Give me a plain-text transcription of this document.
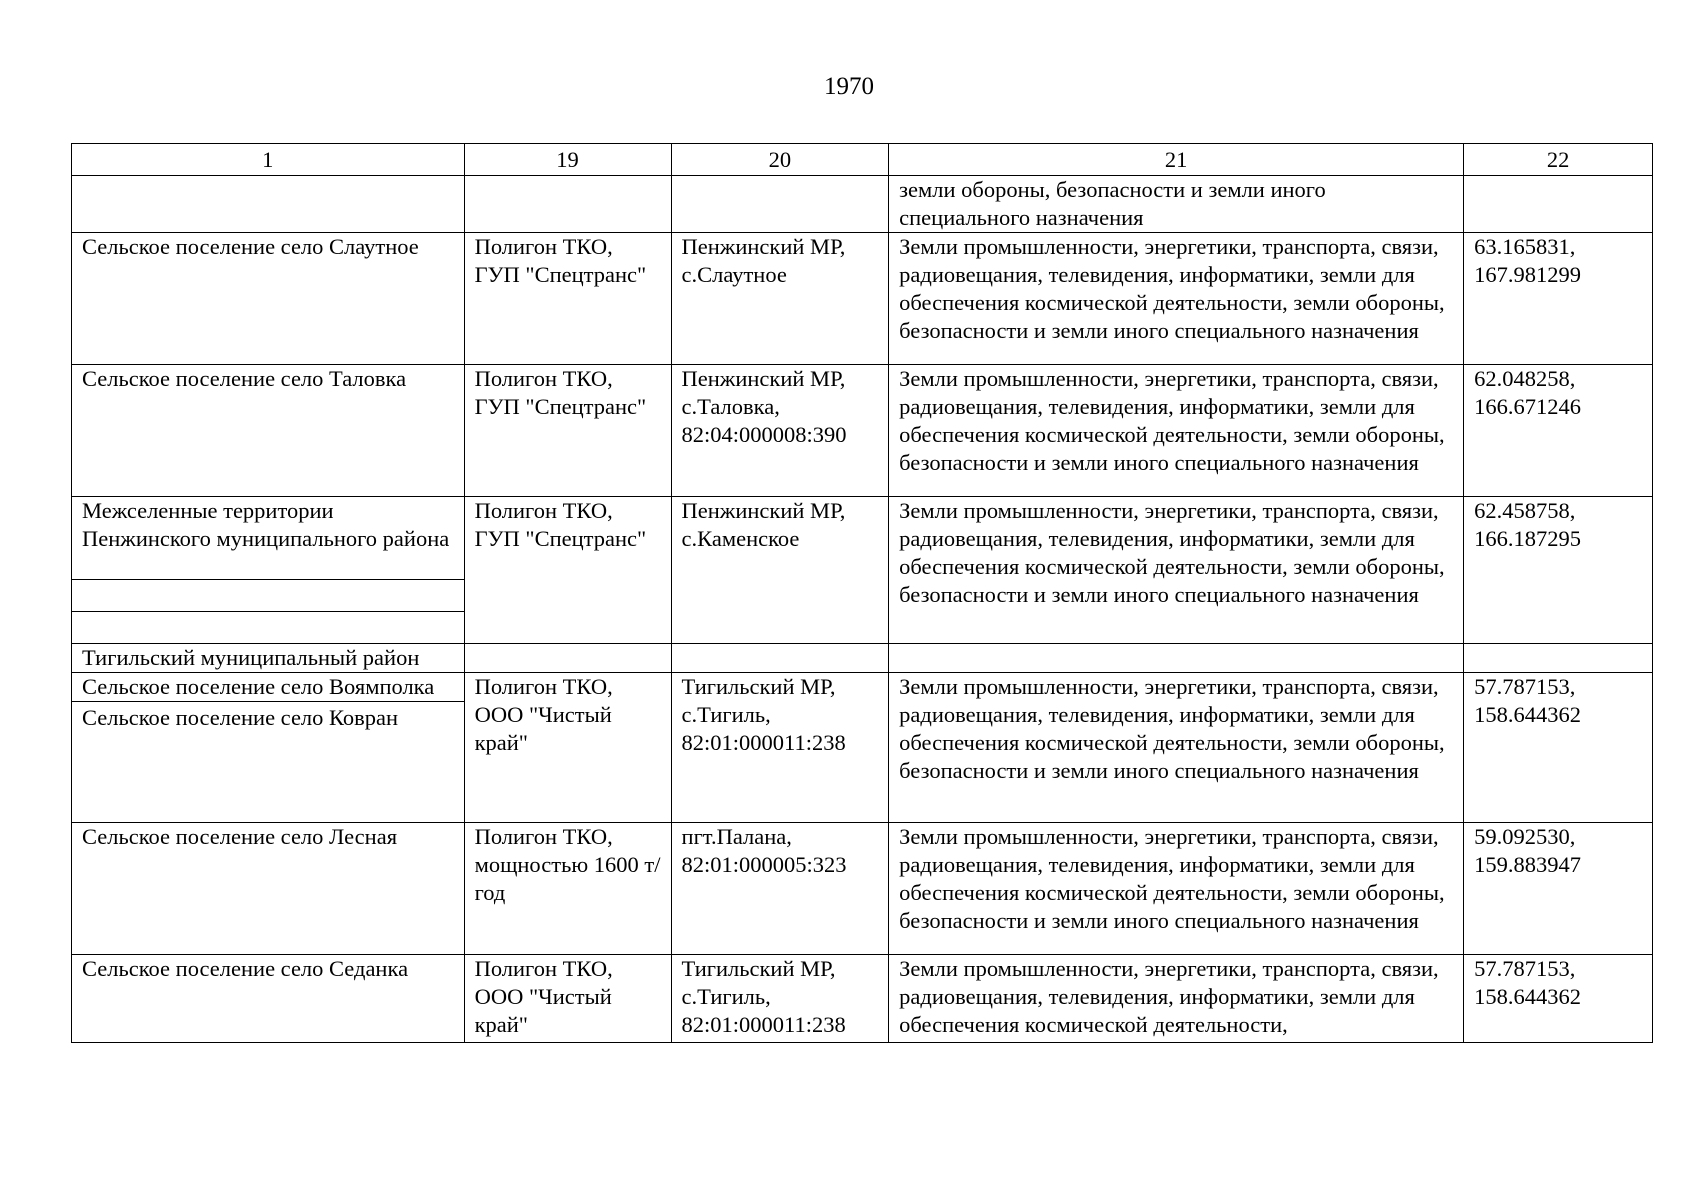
1970
1	19	20	21	22
			земли обороны, безопасности и земли иного специального назначения	
Сельское поселение село Слаутное	Полигон ТКО, ГУП "Спецтранс"	Пенжинский МР, с.Слаутное	Земли промышленности, энергетики, транспорта, связи, радиовещания, телевидения, информатики, земли для обеспечения космической деятельности, земли обороны, безопасности и земли иного специального назначения	63.165831, 167.981299
Сельское поселение село Таловка	Полигон ТКО, ГУП "Спецтранс"	Пенжинский МР, с.Таловка, 82:04:000008:390	Земли промышленности, энергетики, транспорта, связи, радиовещания, телевидения, информатики, земли для обеспечения космической деятельности, земли обороны, безопасности и земли иного специального назначения	62.048258, 166.671246
Межселенные территории Пенжинского муниципального района	Полигон ТКО, ГУП "Спецтранс"	Пенжинский МР, с.Каменское	Земли промышленности, энергетики, транспорта, связи, радиовещания, телевидения, информатики, земли для обеспечения космической деятельности, земли обороны, безопасности и земли иного специального назначения	62.458758, 166.187295

Тигильский муниципальный район				

Сельское поселение село Воямполка
Сельское поселение село Ковран
	Полигон ТКО, ООО "Чистый край"	Тигильский МР, с.Тигиль, 82:01:000011:238	Земли промышленности, энергетики, транспорта, связи, радиовещания, телевидения, информатики, земли для обеспечения космической деятельности, земли обороны, безопасности и земли иного специального назначения	57.787153, 158.644362
Сельское поселение село Лесная	Полигон ТКО, мощностью 1600 т/год	пгт.Палана, 82:01:000005:323	Земли промышленности, энергетики, транспорта, связи, радиовещания, телевидения, информатики, земли для обеспечения космической деятельности, земли обороны, безопасности и земли иного специального назначения	59.092530, 159.883947
Сельское поселение село Седанка	Полигон ТКО, ООО "Чистый край"	Тигильский МР, с.Тигиль, 82:01:000011:238	Земли промышленности, энергетики, транспорта, связи, радиовещания, телевидения, информатики, земли для обеспечения космической деятельности,	57.787153, 158.644362
